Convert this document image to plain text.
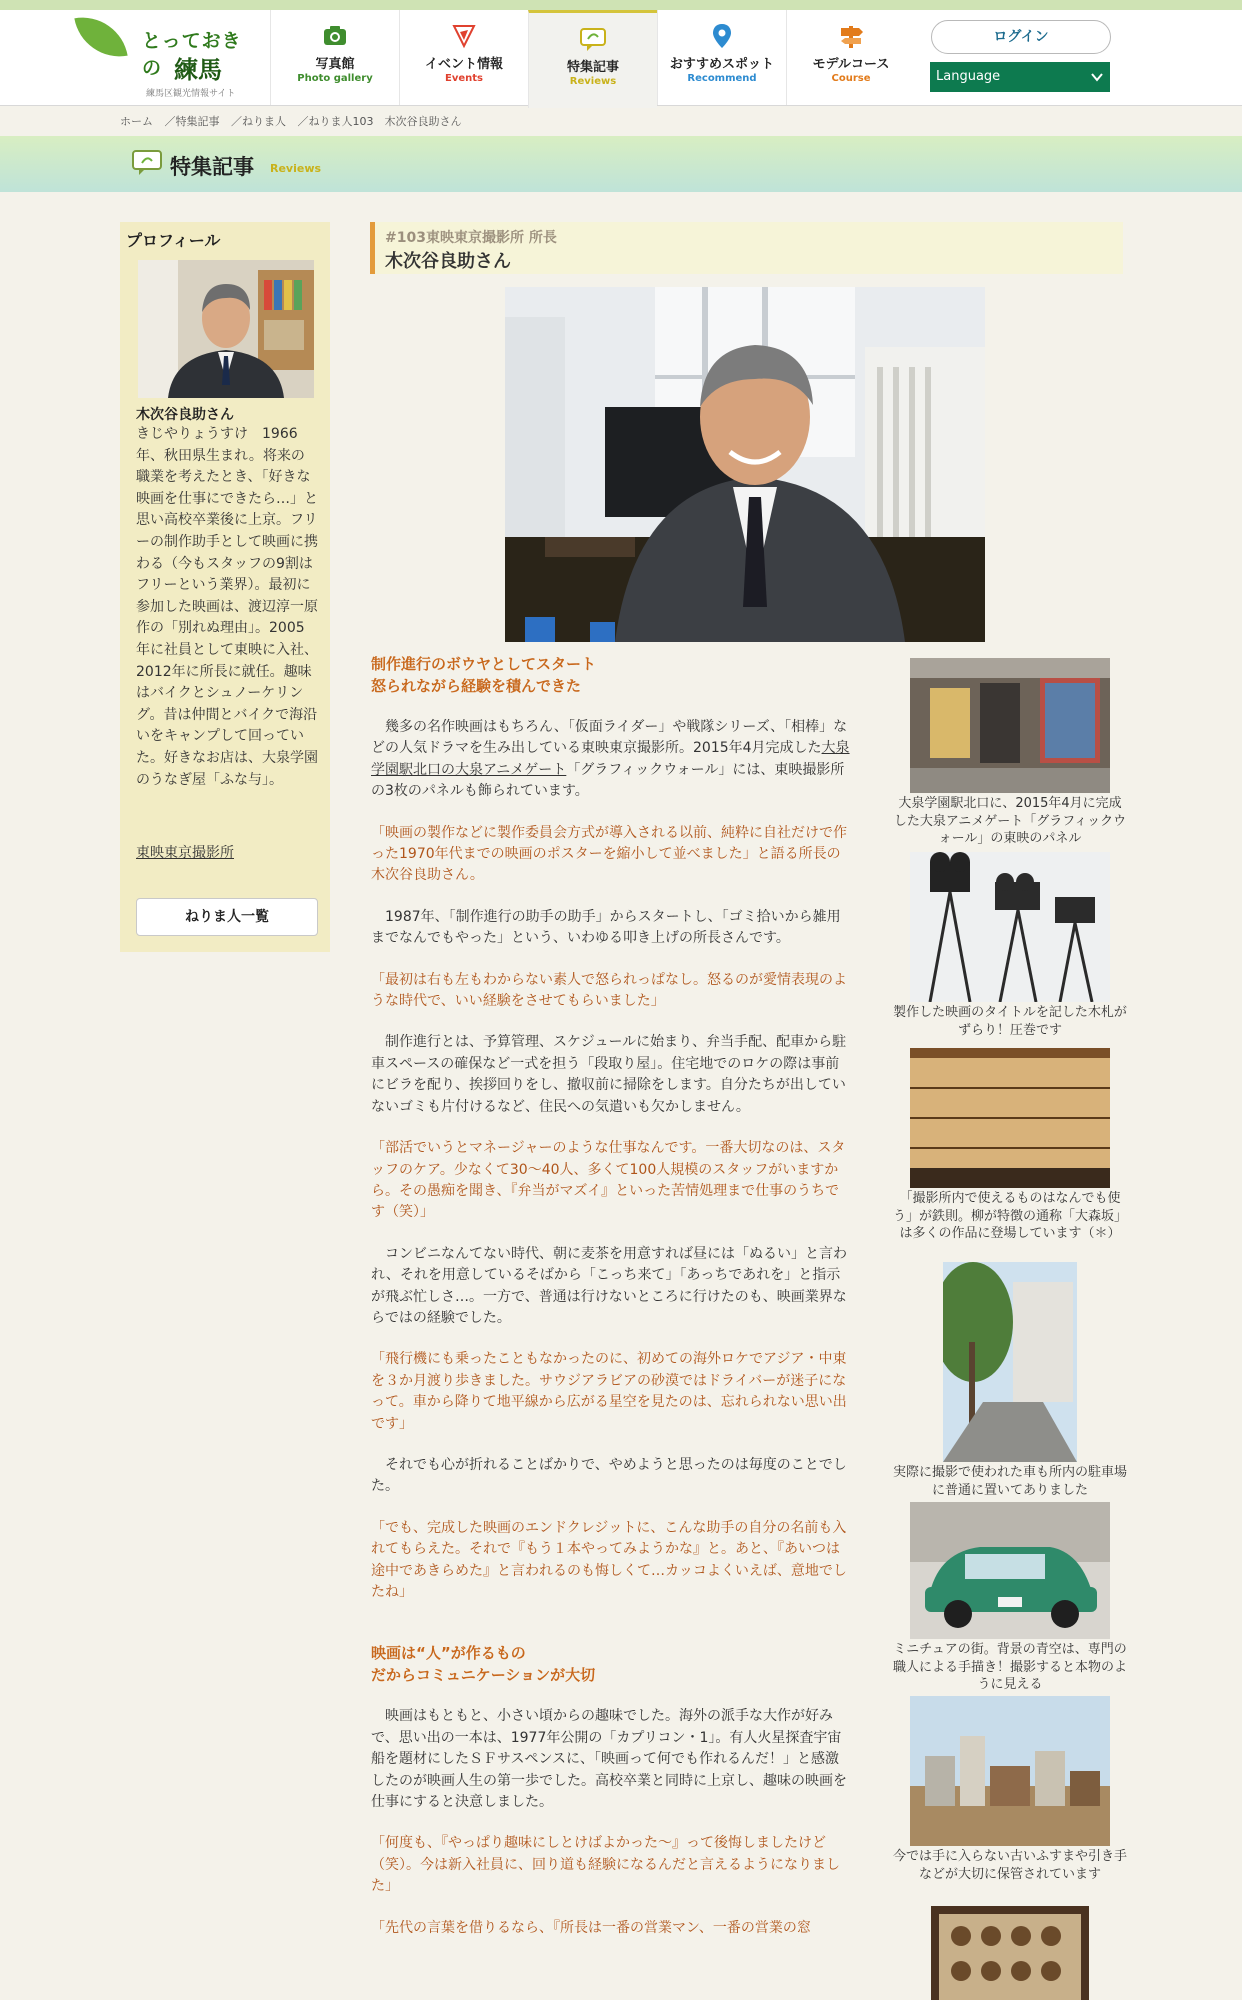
とっておきの 練馬
練馬区観光情報サイト
写真館
Photo gallery
イベント情報
Events
特集記事
Reviews
おすすめスポット
Recommend
モデルコース
Course
ログイン
Language
ホーム ／特集記事 ／ねりま人 ／ねりま人103　木次谷良助さん
特集記事 Reviews
プロフィール
木次谷良助さん
きじやりょうすけ　1966年、秋田県生まれ。将来の職業を考えたとき、「好きな映画を仕事にできたら…」と思い高校卒業後に上京。フリーの制作助手として映画に携わる（今もスタッフの9割はフリーという業界）。最初に参加した映画は、渡辺淳一原作の「別れぬ理由」。2005年に社員として東映に入社、2012年に所長に就任。趣味はバイクとシュノーケリング。昔は仲間とバイクで海沿いをキャンプして回っていた。好きなお店は、大泉学園のうなぎ屋「ふな与」。
東映東京撮影所
ねりま人一覧
#103東映東京撮影所 所長
木次谷良助さん
制作進行のボウヤとしてスタート
怒られながら経験を積んできた

幾多の名作映画はもちろん、「仮面ライダー」や戦隊シリーズ、「相棒」などの人気ドラマを生み出している東映東京撮影所。2015年4月完成した大泉学園駅北口の大泉アニメゲート「グラフィックウォール」には、東映撮影所の3枚のパネルも飾られています。

「映画の製作などに製作委員会方式が導入される以前、純粋に自社だけで作った1970年代までの映画のポスターを縮小して並べました」と語る所長の木次谷良助さん。

1987年、「制作進行の助手の助手」からスタートし、「ゴミ拾いから雑用までなんでもやった」という、いわゆる叩き上げの所長さんです。

「最初は右も左もわからない素人で怒られっぱなし。怒るのが愛情表現のような時代で、いい経験をさせてもらいました」

制作進行とは、予算管理、スケジュールに始まり、弁当手配、配車から駐車スペースの確保など一式を担う「段取り屋」。住宅地でのロケの際は事前にビラを配り、挨拶回りをし、撤収前に掃除をします。自分たちが出していないゴミも片付けるなど、住民への気遣いも欠かしません。

「部活でいうとマネージャーのような仕事なんです。一番大切なのは、スタッフのケア。少なくて30〜40人、多くて100人規模のスタッフがいますから。その愚痴を聞き、『弁当がマズイ』といった苦情処理まで仕事のうちです（笑）」

コンビニなんてない時代、朝に麦茶を用意すれば昼には「ぬるい」と言われ、それを用意しているそばから「こっち来て」「あっちであれを」と指示が飛ぶ忙しさ…。一方で、普通は行けないところに行けたのも、映画業界ならではの経験でした。

「飛行機にも乗ったこともなかったのに、初めての海外ロケでアジア・中東を３か月渡り歩きました。サウジアラビアの砂漠ではドライバーが迷子になって。車から降りて地平線から広がる星空を見たのは、忘れられない思い出です」

それでも心が折れることばかりで、やめようと思ったのは毎度のことでした。

「でも、完成した映画のエンドクレジットに、こんな助手の自分の名前も入れてもらえた。それで『もう１本やってみようかな』と。あと、『あいつは途中であきらめた』と言われるのも悔しくて…カッコよくいえば、意地でしたね」

映画は“人”が作るもの
だからコミュニケーションが大切

映画はもともと、小さい頃からの趣味でした。海外の派手な大作が好みで、思い出の一本は、1977年公開の「カプリコン・1」。有人火星探査宇宙船を題材にしたＳＦサスペンスに、「映画って何でも作れるんだ！」と感激したのが映画人生の第一歩でした。高校卒業と同時に上京し、趣味の映画を仕事にすると決意しました。

「何度も、『やっぱり趣味にしとけばよかった〜』って後悔しましたけど（笑）。今は新入社員に、回り道も経験になるんだと言えるようになりました」

「先代の言葉を借りるなら、『所長は一番の営業マン、一番の営業の窓

大泉学園駅北口に、2015年4月に完成した大泉アニメゲート「グラフィックウォール」の東映のパネル
製作した映画のタイトルを記した木札がずらり！圧巻です
「撮影所内で使えるものはなんでも使う」が鉄則。柳が特徴の通称「大森坂」は多くの作品に登場しています（＊）
実際に撮影で使われた車も所内の駐車場に普通に置いてありました
ミニチュアの街。背景の青空は、専門の職人による手描き！撮影すると本物のように見える
今では手に入らない古いふすまや引き手などが大切に保管されています
